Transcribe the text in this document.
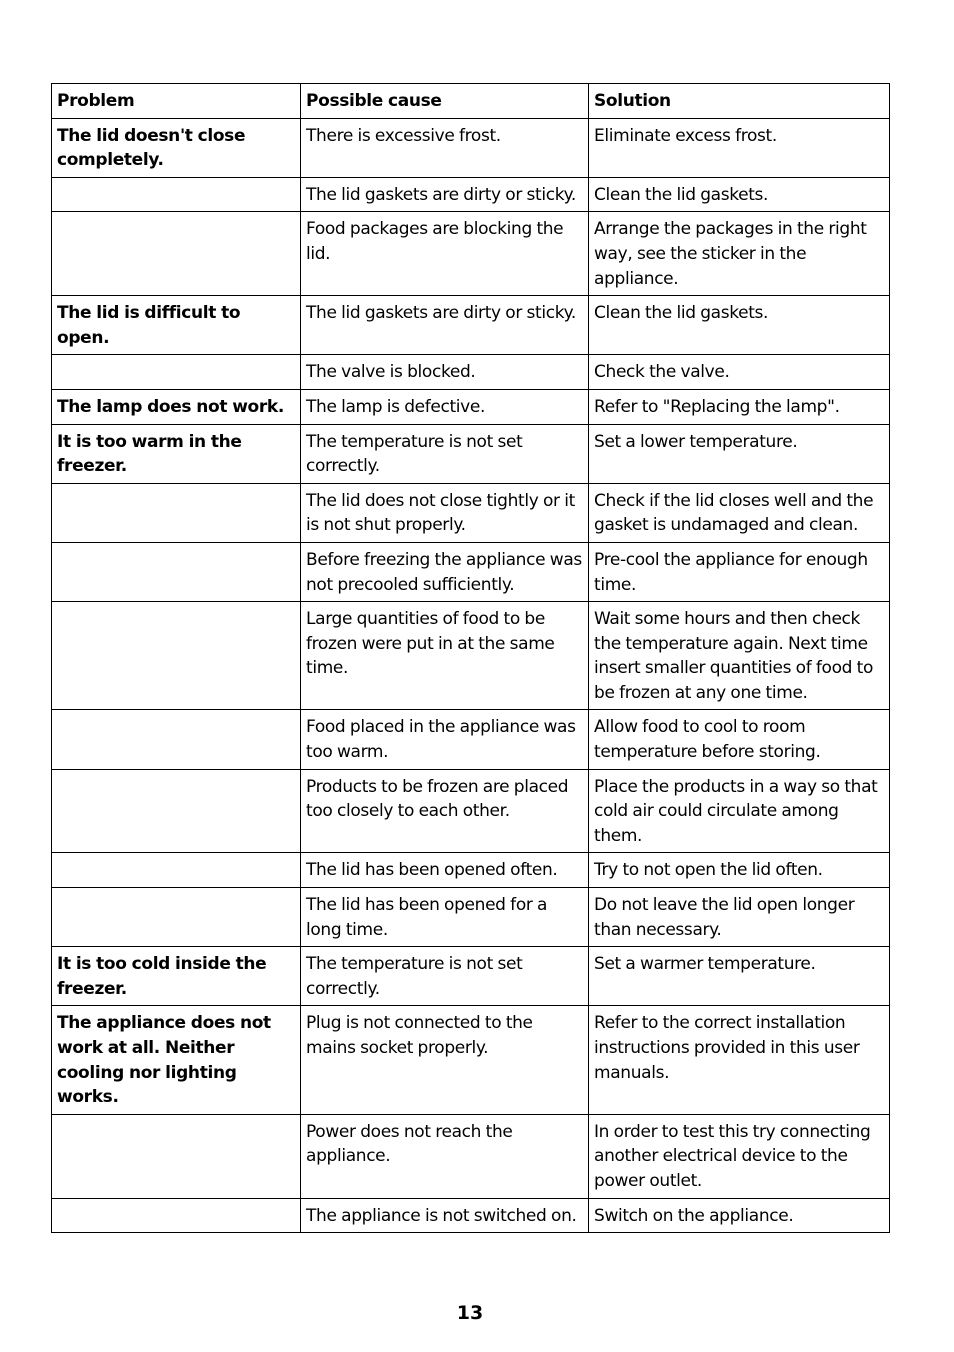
Problem	Possible cause	Solution
The lid doesn't close completely.	There is excessive frost.	Eliminate excess frost.
	The lid gaskets are dirty or sticky.	Clean the lid gaskets.
	Food packages are blocking the lid.	Arrange the packages in the right way, see the sticker in the appliance.
The lid is difficult to open.	The lid gaskets are dirty or sticky.	Clean the lid gaskets.
	The valve is blocked.	Check the valve.
The lamp does not work.	The lamp is defective.	Refer to "Replacing the lamp".
It is too warm in the freezer.	The temperature is not set correctly.	Set a lower temperature.
	The lid does not close tightly or it is not shut properly.	Check if the lid closes well and the gasket is undamaged and clean.
	Before freezing the appliance was not precooled sufficiently.	Pre-cool the appliance for enough time.
	Large quantities of food to be frozen were put in at the same time.	Wait some hours and then check the temperature again. Next time insert smaller quantities of food to be frozen at any one time.
	Food placed in the appliance was too warm.	Allow food to cool to room temperature before storing.
	Products to be frozen are placed too closely to each other.	Place the products in a way so that cold air could circulate among them.
	The lid has been opened often.	Try to not open the lid often.
	The lid has been opened for a long time.	Do not leave the lid open longer than necessary.
It is too cold inside the freezer.	The temperature is not set correctly.	Set a warmer temperature.
The appliance does not work at all. Neither cooling nor lighting works.	Plug is not connected to the mains socket properly.	Refer to the correct installation instructions provided in this user manuals.
	Power does not reach the appliance.	In order to test this try connecting another electrical device to the power outlet.
	The appliance is not switched on.	Switch on the appliance.
13
